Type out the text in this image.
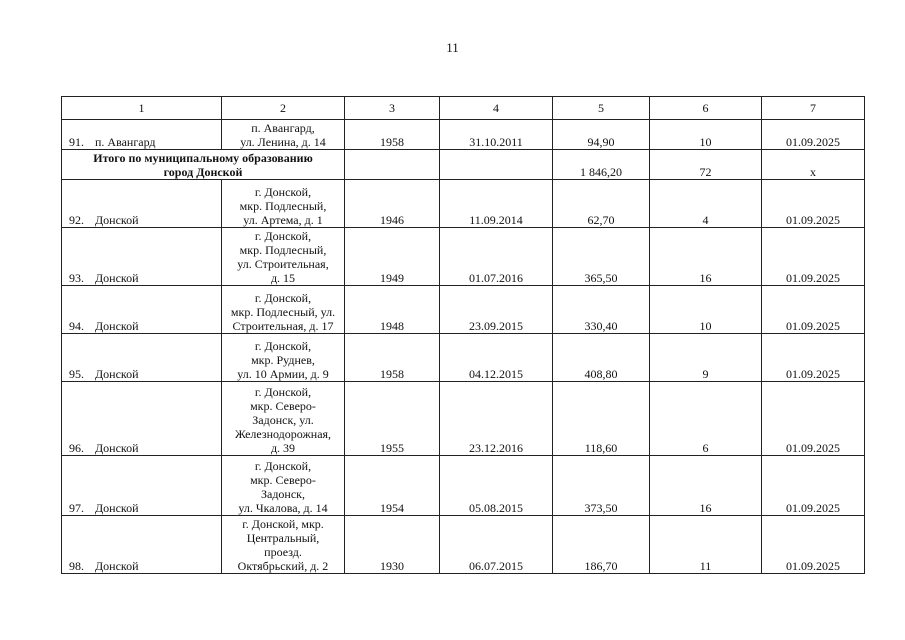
11
1	2	3	4	5	6	7
91. п. Авангард	п. Авангард,
ул. Ленина, д. 14	1958	31.10.2011	94,90	10	01.09.2025

Итого по муниципальному образованию
город Донской				1 846,20	72	х
92. Донской	г. Донской,
мкр. Подлесный,
ул. Артема, д. 1	1946	11.09.2014	62,70	4	01.09.2025
93. Донской	г. Донской,
мкр. Подлесный,
ул. Строительная,
д. 15	1949	01.07.2016	365,50	16	01.09.2025
94. Донской	г. Донской,
мкр. Подлесный, ул.
Строительная, д. 17	1948	23.09.2015	330,40	10	01.09.2025
95. Донской	г. Донской,
мкр. Руднев,
ул. 10 Армии, д. 9	1958	04.12.2015	408,80	9	01.09.2025
96. Донской	г. Донской,
мкр. Северо-
Задонск, ул.
Железнодорожная,
д. 39	1955	23.12.2016	118,60	6	01.09.2025
97. Донской	г. Донской,
мкр. Северо-
Задонск,
ул. Чкалова, д. 14	1954	05.08.2015	373,50	16	01.09.2025
98. Донской	г. Донской, мкр.
Центральный,
проезд.
Октябрьский, д. 2	1930	06.07.2015	186,70	11	01.09.2025
